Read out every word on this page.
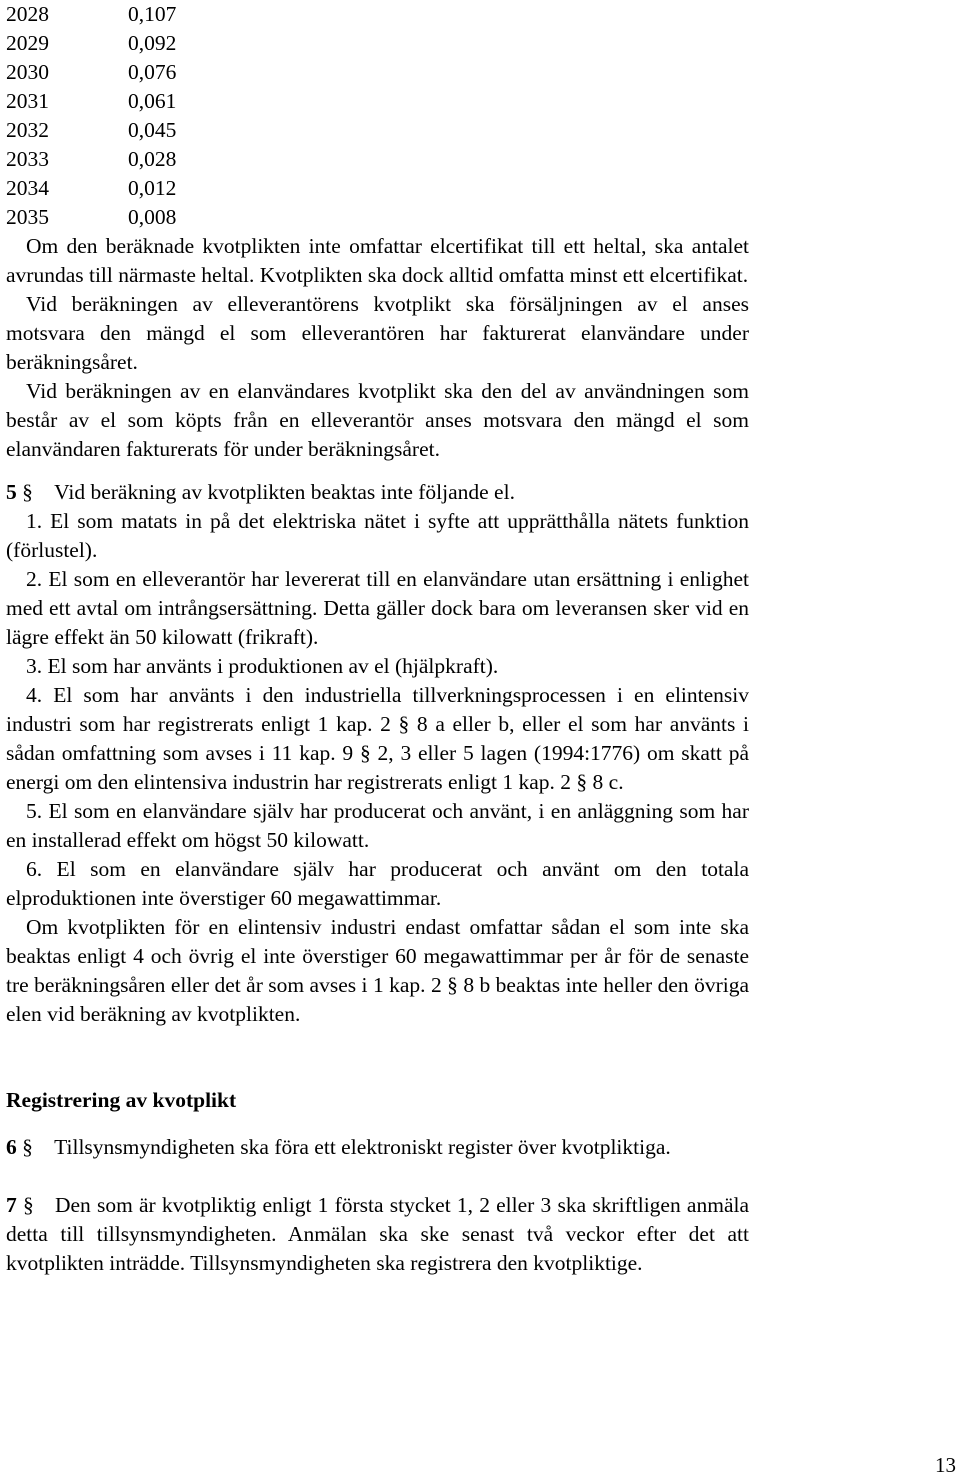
2028	0,107
2029	0,092
2030	0,076
2031	0,061
2032	0,045
2033	0,028
2034	0,012
2035	0,008

Om den beräknade kvotplikten inte omfattar elcertifikat till ett heltal, ska antalet avrundas till närmaste heltal. Kvotplikten ska dock alltid omfatta minst ett elcertifikat.

Vid beräkningen av elleverantörens kvotplikt ska försäljningen av el anses motsvara den mängd el som elleverantören har fakturerat elanvändare under beräkningsåret.

Vid beräkningen av en elanvändares kvotplikt ska den del av användningen som består av el som köpts från en elleverantör anses motsvara den mängd el som elanvändaren fakturerats för under beräkningsåret.

5 § Vid beräkning av kvotplikten beaktas inte följande el.

1. El som matats in på det elektriska nätet i syfte att upprätthålla nätets funktion (förlustel).

2. El som en elleverantör har levererat till en elanvändare utan ersättning i enlighet med ett avtal om intrångsersättning. Detta gäller dock bara om leveransen sker vid en lägre effekt än 50 kilowatt (frikraft).

3. El som har använts i produktionen av el (hjälpkraft).

4. El som har använts i den industriella tillverkningsprocessen i en elintensiv industri som har registrerats enligt 1 kap. 2 § 8 a eller b, eller el som har använts i sådan omfattning som avses i 11 kap. 9 § 2, 3 eller 5 lagen (1994:1776) om skatt på energi om den elintensiva industrin har registrerats enligt 1 kap. 2 § 8 c.

5. El som en elanvändare själv har producerat och använt, i en anläggning som har en installerad effekt om högst 50 kilowatt.

6. El som en elanvändare själv har producerat och använt om den totala elproduktionen inte överstiger 60 megawattimmar.

Om kvotplikten för en elintensiv industri endast omfattar sådan el som inte ska beaktas enligt 4 och övrig el inte överstiger 60 megawattimmar per år för de senaste tre beräkningsåren eller det år som avses i 1 kap. 2 § 8 b beaktas inte heller den övriga elen vid beräkning av kvotplikten.

Registrering av kvotplikt

6 § Tillsynsmyndigheten ska föra ett elektroniskt register över kvotpliktiga.

7 § Den som är kvotpliktig enligt 1 första stycket 1, 2 eller 3 ska skriftligen anmäla detta till tillsynsmyndigheten. Anmälan ska ske senast två veckor efter det att kvotplikten inträdde. Tillsynsmyndigheten ska registrera den kvotpliktige.

13
